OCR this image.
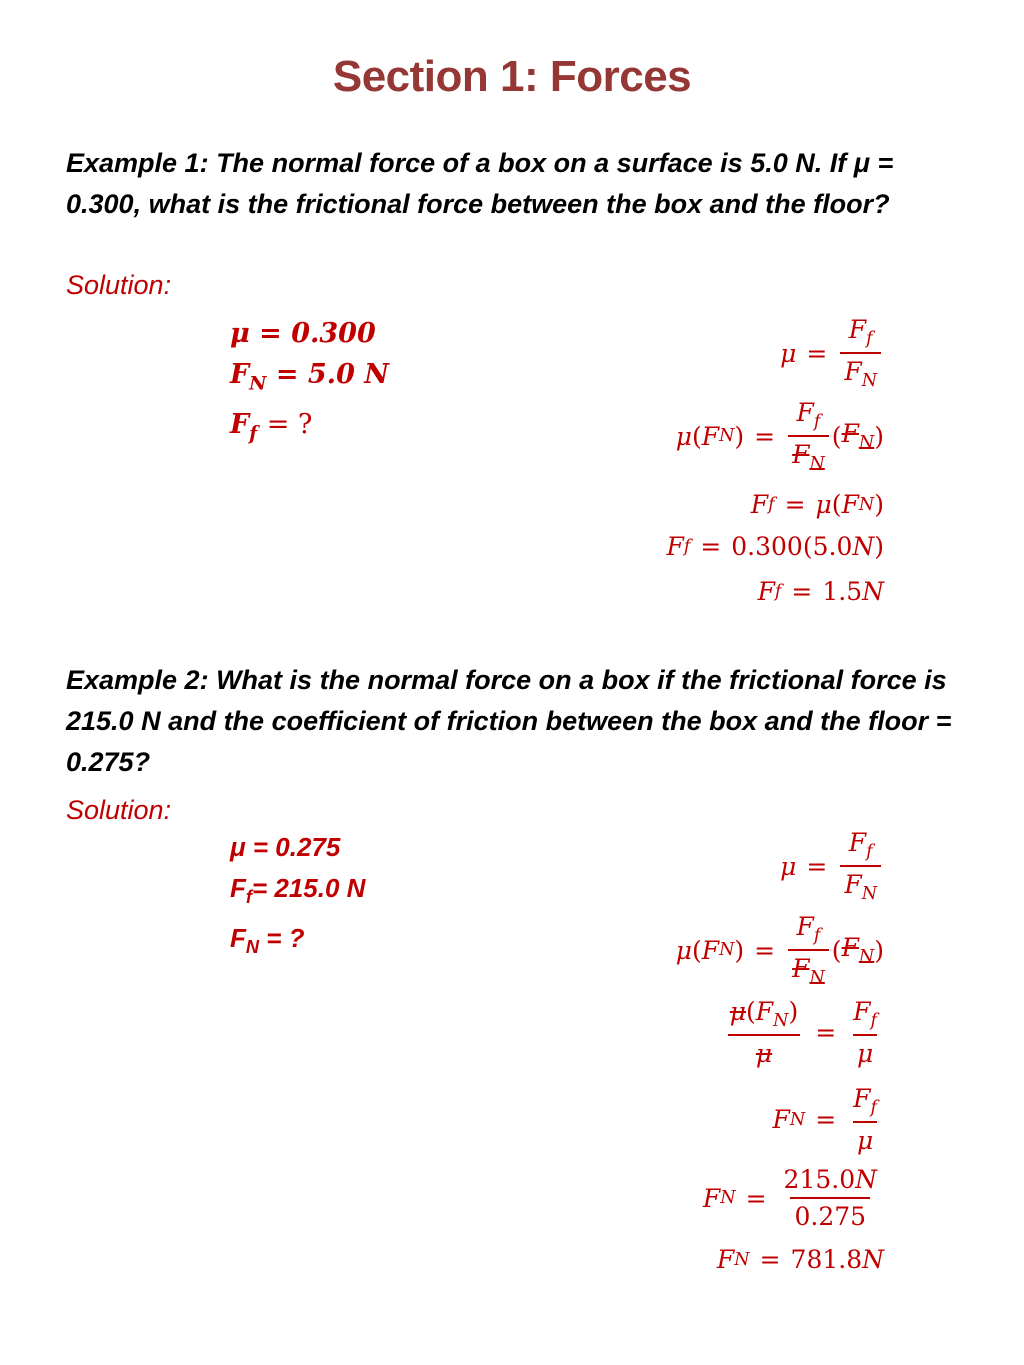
Section 1: Forces
Example 1: The normal force of a box on a surface is 5.0 N. If μ = 0.300, what is the frictional force between the box and the floor?
Solution:
μ = 0.300
$F_N = 5.0$ N
$F_f$ = ?
$\mu = \frac{F_f}{F_N}$
μ ( F N ) = $\frac{F_f}{F_N}$ ( $F_N$ )
F f = μ ( F N )
F f = 0.300 ( 5.0 N )
F f = 1.5 N
Example 2: What is the normal force on a box if the frictional force is 215.0 N and the coefficient of friction between the box and the floor = 0.275?
Solution:
μ = 0.275
$F_f= 215.0$ N
$F_N$ = ?
$\mu = \frac{F_f}{F_N}$
μ ( F N ) = $\frac{F_f}{F_N}$ ( $F_N$ )
$\frac{\mu(F_N)}{\mu} = \frac{F_f}{\mu}$
F $N = \frac{F_f}{\mu}$
F $N = \frac{215.0N}{0.275}$
F N = 781.8 N
